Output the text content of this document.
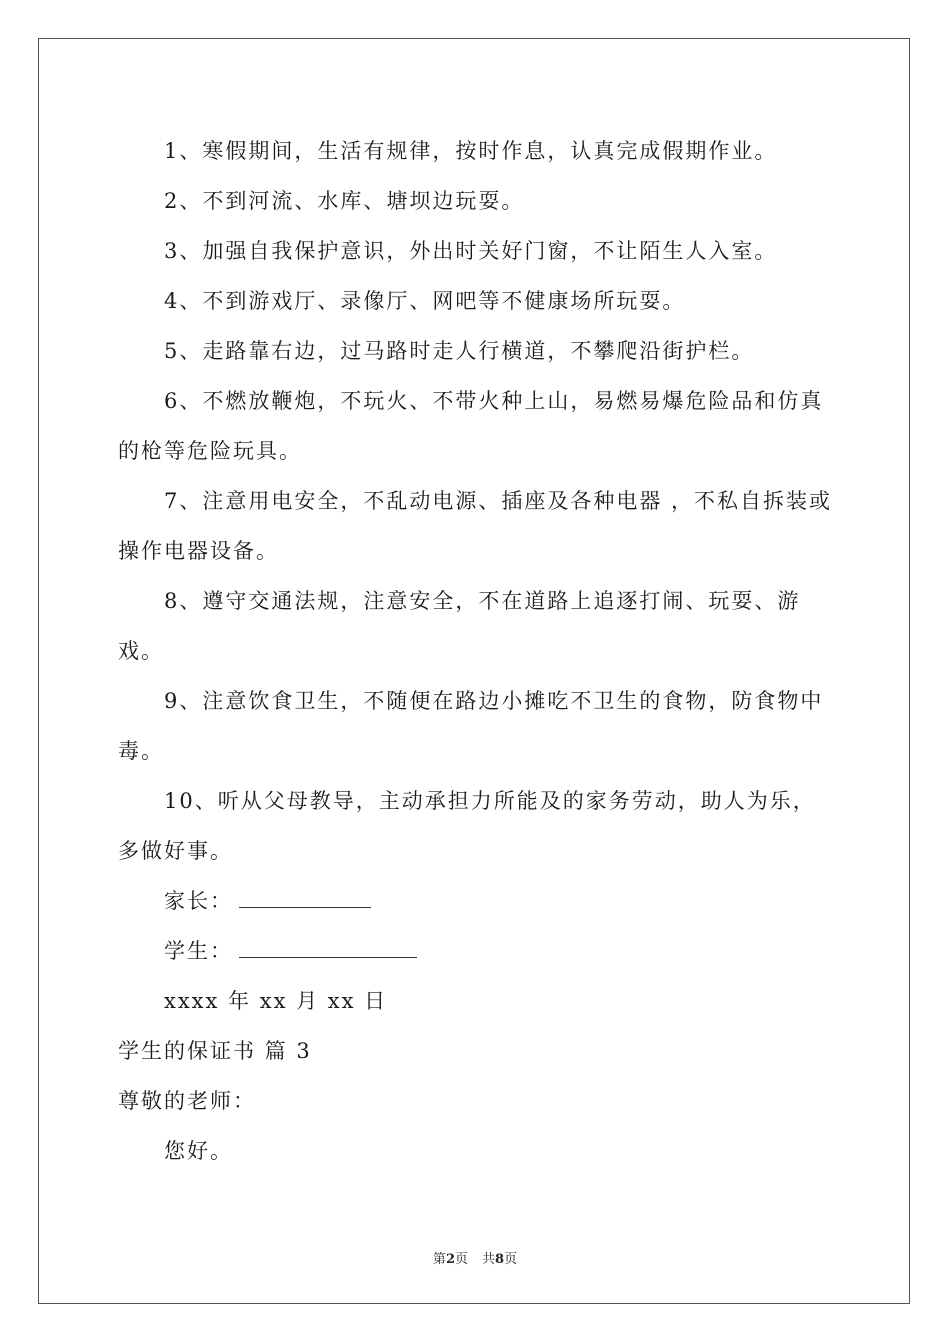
1、寒假期间，生活有规律，按时作息，认真完成假期作业。

2、不到河流、水库、塘坝边玩耍。

3、加强自我保护意识，外出时关好门窗，不让陌生人入室。

4、不到游戏厅、录像厅、网吧等不健康场所玩耍。

5、走路靠右边，过马路时走人行横道，不攀爬沿街护栏。

6、不燃放鞭炮，不玩火、不带火种上山，易燃易爆危险品和仿真的枪等危险玩具。

7、注意用电安全，不乱动电源、插座及各种电器 ，不私自拆装或操作电器设备。

8、遵守交通法规，注意安全，不在道路上追逐打闹、玩耍、游戏。

9、注意饮食卫生，不随便在路边小摊吃不卫生的食物，防食物中毒。

10、听从父母教导，主动承担力所能及的家务劳动，助人为乐，多做好事。

家长：

学生：

xxxx 年 xx 月 xx 日

学生的保证书 篇 3

尊敬的老师：

您好。

第2页 共8页
